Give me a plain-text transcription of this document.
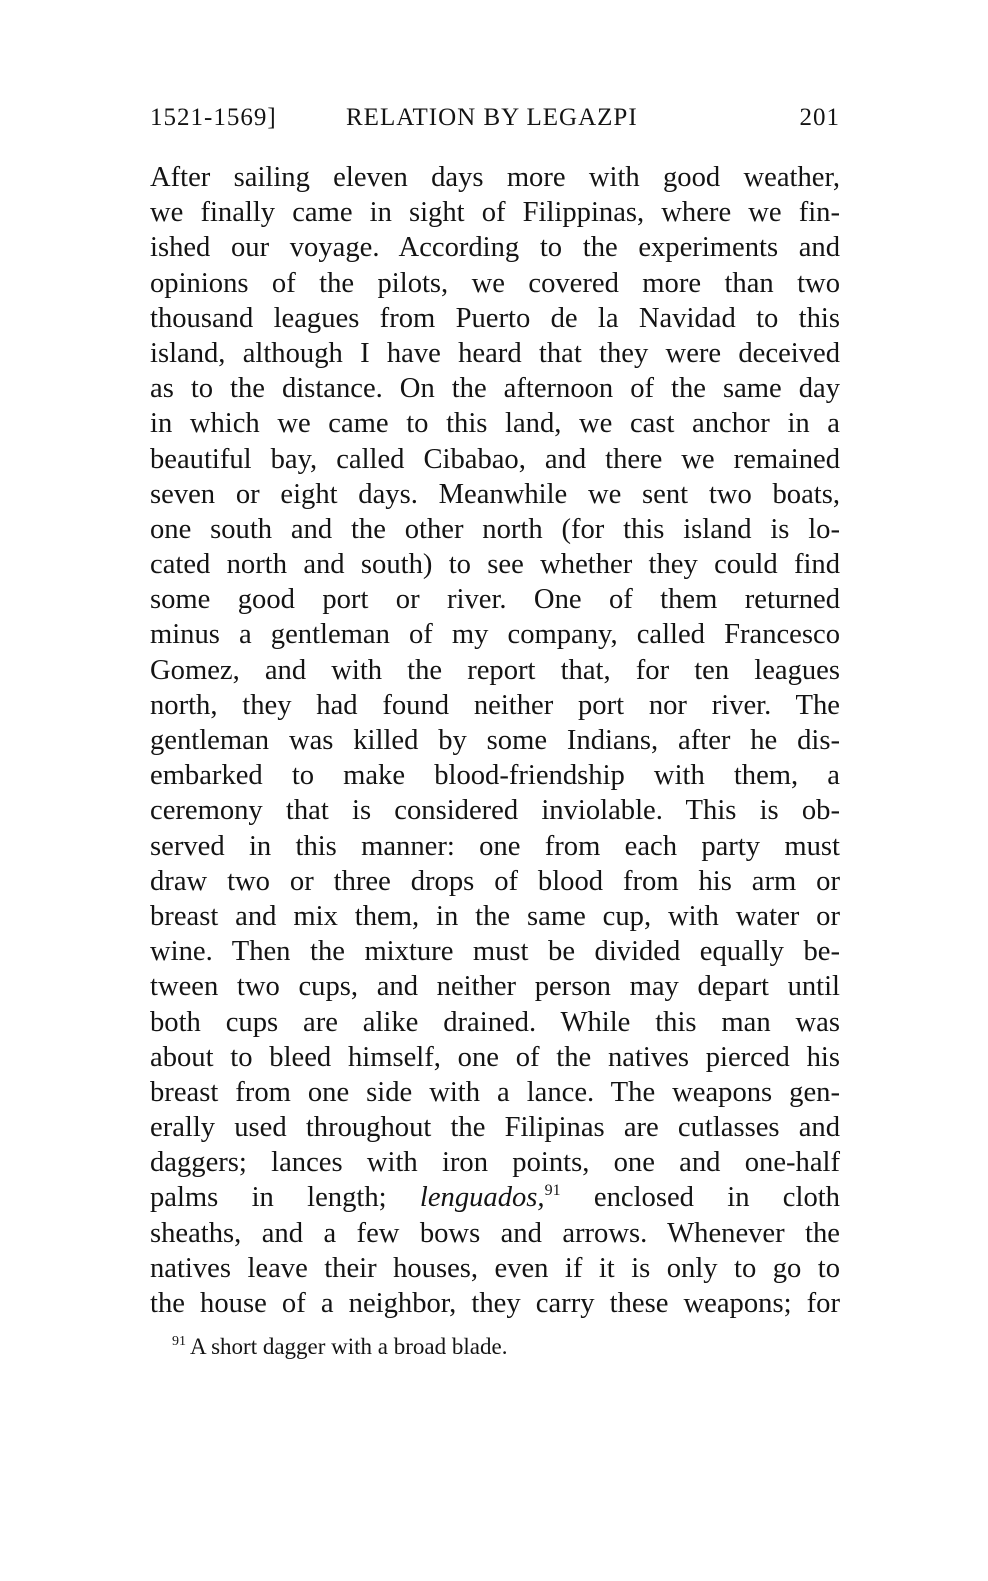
1521-1569]	RELATION BY LEGAZPI	201
After sailing eleven days more with good weather,
we finally came in sight of Filippinas, where we fin-
ished our voyage. According to the experiments and
opinions of the pilots, we covered more than two
thousand leagues from Puerto de la Navidad to this
island, although I have heard that they were deceived
as to the distance. On the afternoon of the same day
in which we came to this land, we cast anchor in a
beautiful bay, called Cibabao, and there we remained
seven or eight days. Meanwhile we sent two boats,
one south and the other north (for this island is lo-
cated north and south) to see whether they could find
some good port or river. One of them returned
minus a gentleman of my company, called Francesco
Gomez, and with the report that, for ten leagues
north, they had found neither port nor river. The
gentleman was killed by some Indians, after he dis-
embarked to make blood-friendship with them, a
ceremony that is considered inviolable. This is ob-
served in this manner: one from each party must
draw two or three drops of blood from his arm or
breast and mix them, in the same cup, with water or
wine. Then the mixture must be divided equally be-
tween two cups, and neither person may depart until
both cups are alike drained. While this man was
about to bleed himself, one of the natives pierced his
breast from one side with a lance. The weapons gen-
erally used throughout the Filipinas are cutlasses and
daggers; lances with iron points, one and one-half
palms in length; lenguados,$^{91}$ enclosed in cloth
sheaths, and a few bows and arrows. Whenever the
natives leave their houses, even if it is only to go to
the house of a neighbor, they carry these weapons; for
$^{91}$ A short dagger with a broad blade.
